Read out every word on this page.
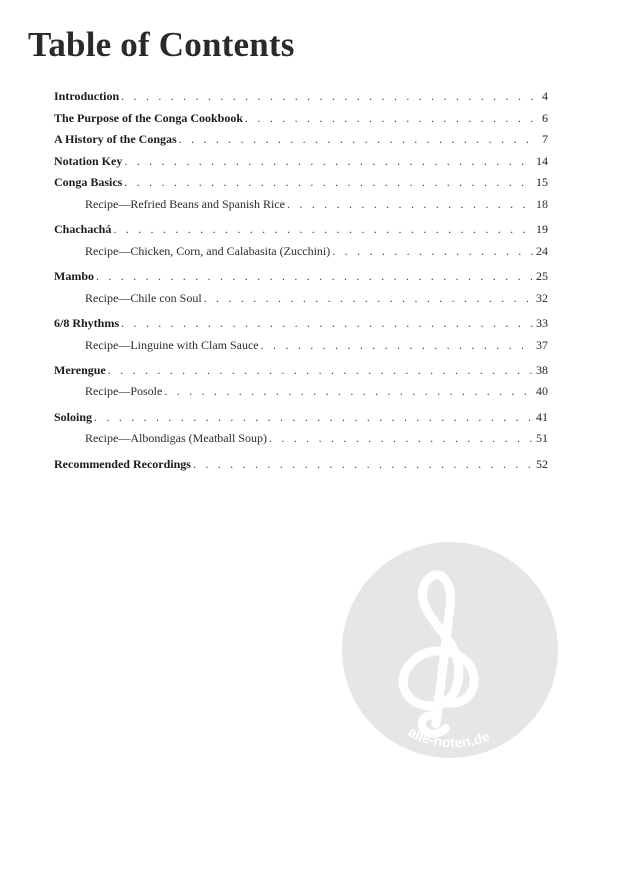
Table of Contents
Introduction . . .	4
The Purpose of the Conga Cookbook . . .	6
A History of the Congas . . .	7
Notation Key . . .	14
Conga Basics . . .	15
Recipe—Refried Beans and Spanish Rice . . .	18
Chachachá . . .	19
Recipe—Chicken, Corn, and Calabasita (Zucchini) . . .	24
Mambo . . .	25
Recipe—Chile con Soul . . .	32
6/8 Rhythms . . .	33
Recipe—Linguine with Clam Sauce . . .	37
Merengue . . .	38
Recipe—Posole . . .	40
Soloing . . .	41
Recipe—Albondigas (Meatball Soup) . . .	51
Recommended Recordings . . .	52
alle-noten.de
